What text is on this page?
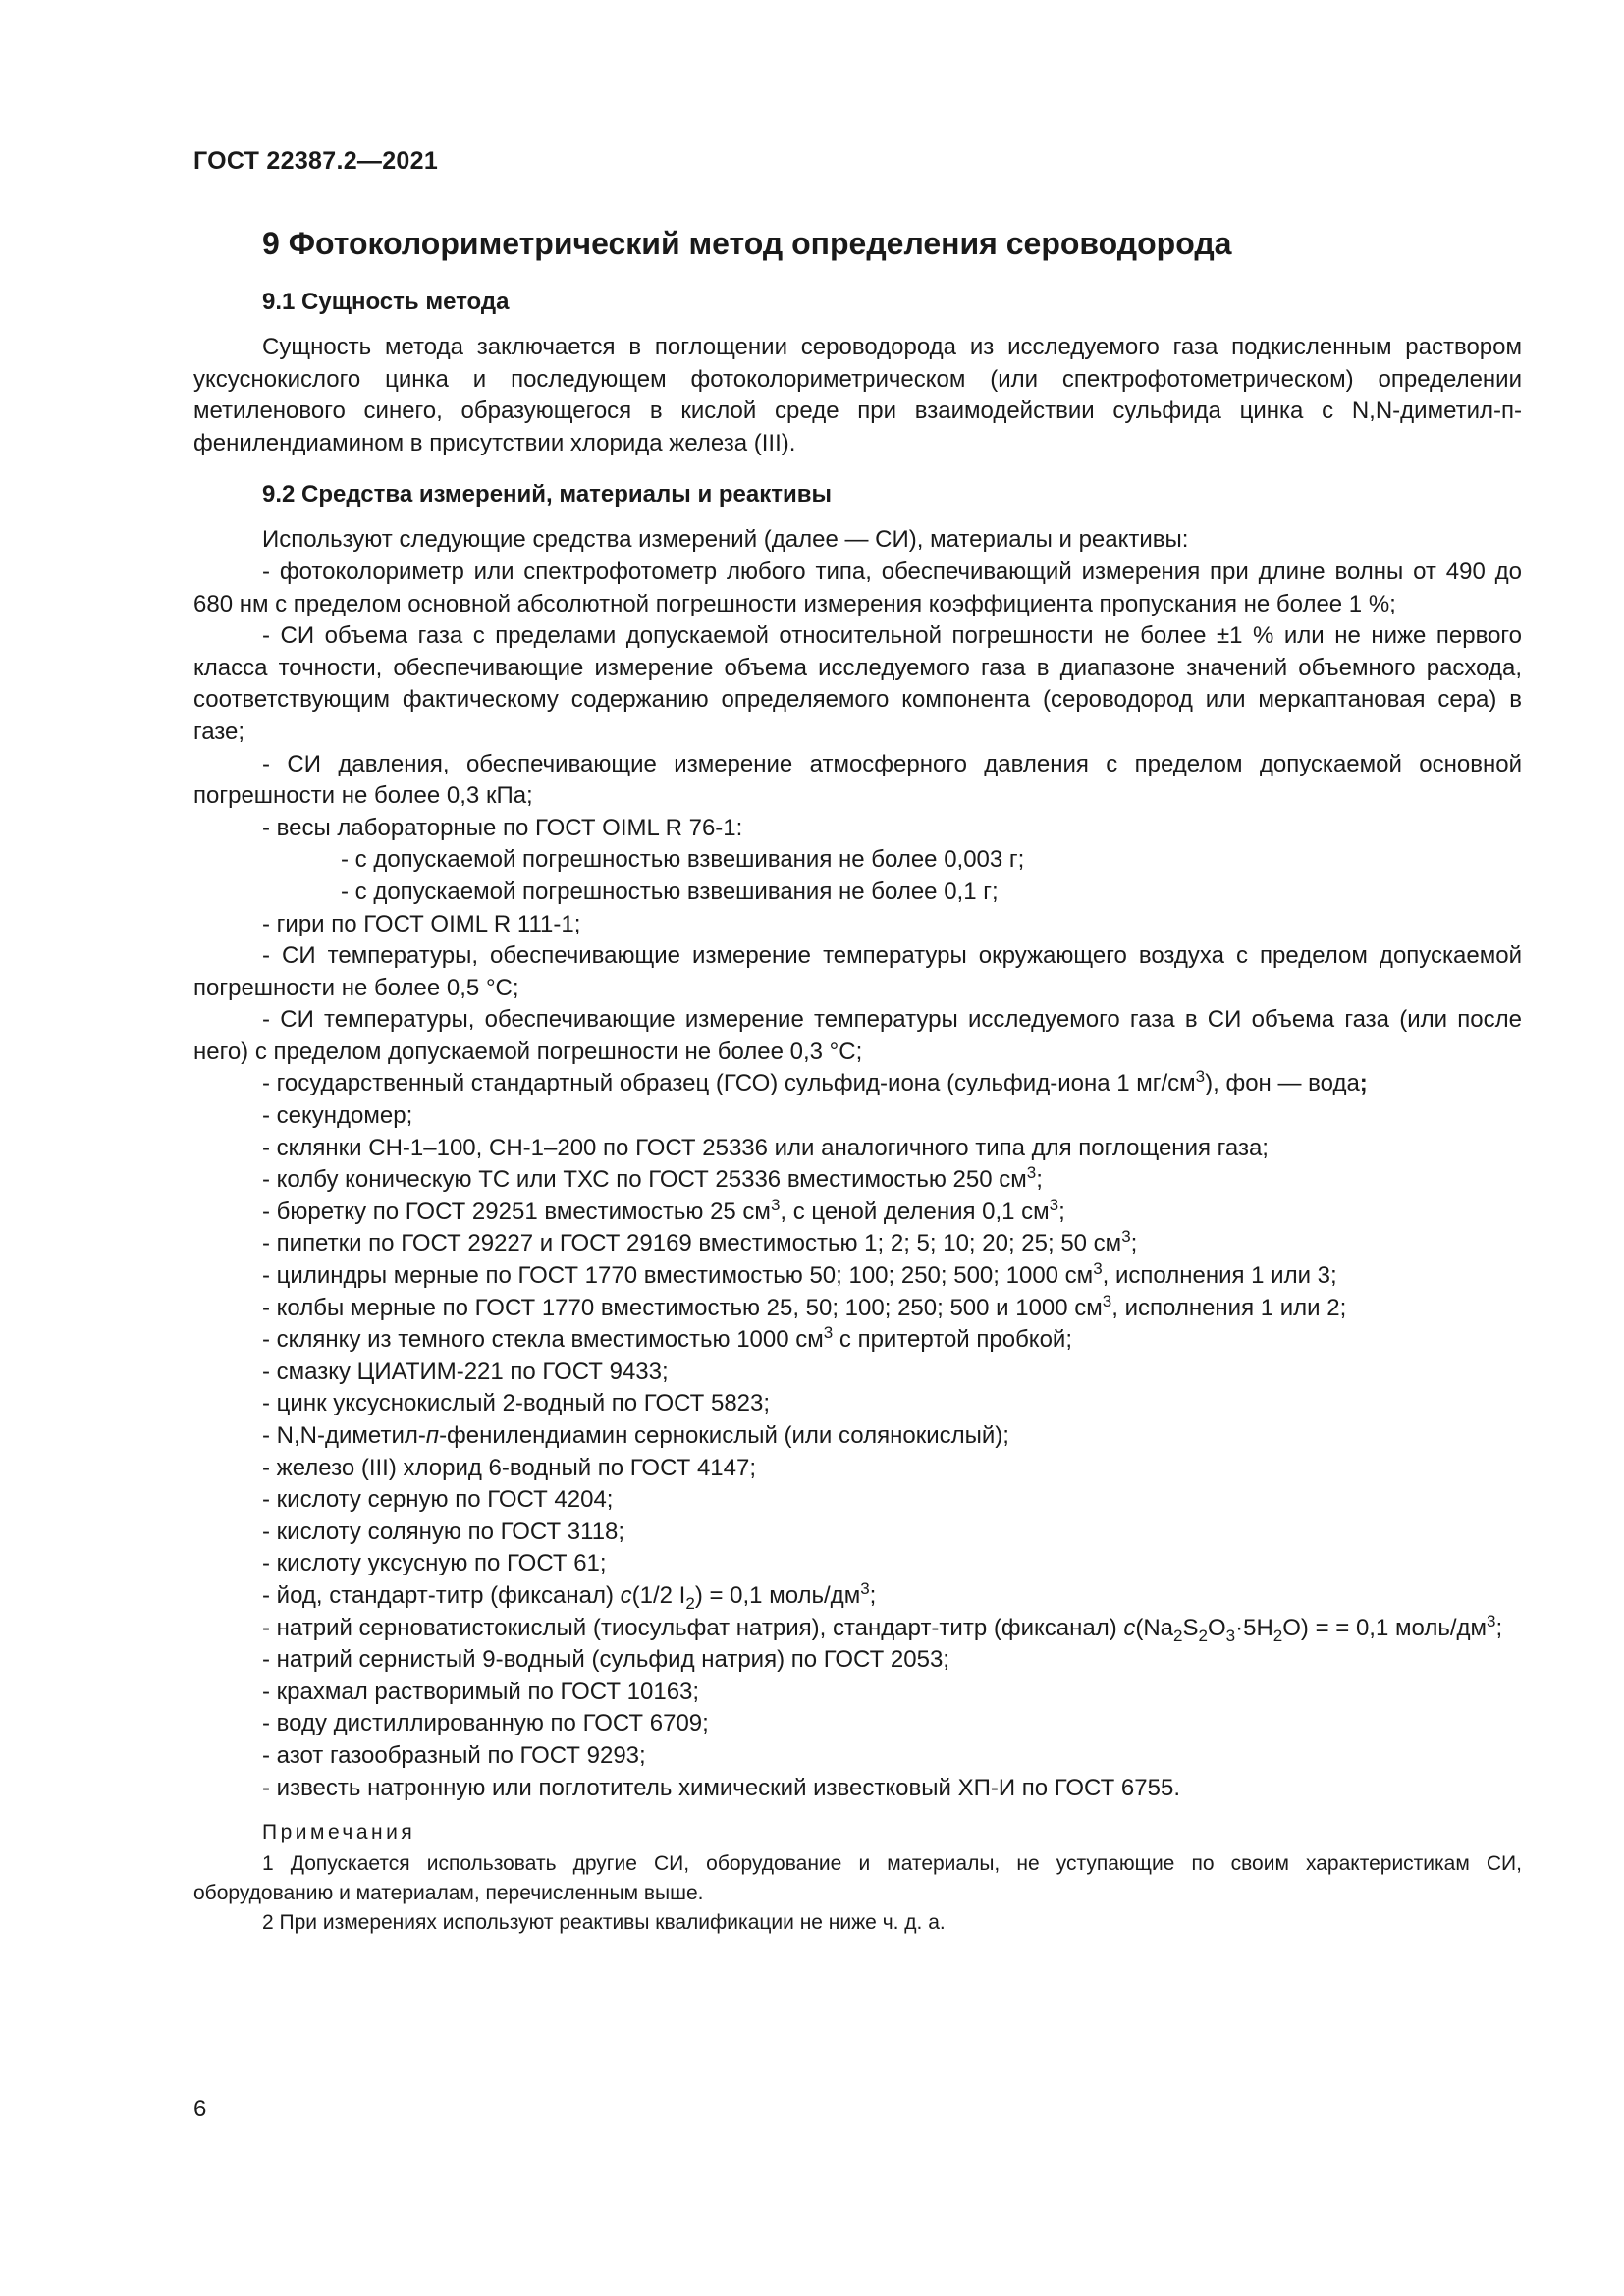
ГОСТ 22387.2—2021
9 Фотоколориметрический метод определения сероводорода
9.1 Сущность метода

Сущность метода заключается в поглощении сероводорода из исследуемого газа подкисленным раствором уксуснокислого цинка и последующем фотоколориметрическом (или спектрофотометрическом) определении метиленового синего, образующегося в кислой среде при взаимодействии сульфида цинка с N,N-диметил-п-фенилендиамином в присутствии хлорида железа (III).

9.2 Средства измерений, материалы и реактивы

Используют следующие средства измерений (далее — СИ), материалы и реактивы:

- фотоколориметр или спектрофотометр любого типа, обеспечивающий измерения при длине волны от 490 до 680 нм с пределом основной абсолютной погрешности измерения коэффициента пропускания не более 1 %;

- СИ объема газа с пределами допускаемой относительной погрешности не более ±1 % или не ниже первого класса точности, обеспечивающие измерение объема исследуемого газа в диапазоне значений объемного расхода, соответствующим фактическому содержанию определяемого компонента (сероводород или меркаптановая сера) в газе;

- СИ давления, обеспечивающие измерение атмосферного давления с пределом допускаемой основной погрешности не более 0,3 кПа;

- весы лабораторные по ГОСТ OIML R 76-1:

- с допускаемой погрешностью взвешивания не более 0,003 г;

- с допускаемой погрешностью взвешивания не более 0,1 г;

- гири по ГОСТ OIML R 111-1;

- СИ температуры, обеспечивающие измерение температуры окружающего воздуха с пределом допускаемой погрешности не более 0,5 °С;

- СИ температуры, обеспечивающие измерение температуры исследуемого газа в СИ объема газа (или после него) с пределом допускаемой погрешности не более 0,3 °С;

- государственный стандартный образец (ГСО) сульфид-иона (сульфид-иона 1 $мг/см^3$), фон — вода;

- секундомер;

- склянки СН-1–100, СН-1–200 по ГОСТ 25336 или аналогичного типа для поглощения газа;

- колбу коническую ТС или ТХС по ГОСТ 25336 вместимостью 250 $см^3$;

- бюретку по ГОСТ 29251 вместимостью 25 $см^3$, с ценой деления 0,1 $см^3$;

- пипетки по ГОСТ 29227 и ГОСТ 29169 вместимостью 1; 2; 5; 10; 20; 25; 50 $см^3$;

- цилиндры мерные по ГОСТ 1770 вместимостью 50; 100; 250; 500; 1000 $см^3$, исполнения 1 или 3;

- колбы мерные по ГОСТ 1770 вместимостью 25, 50; 100; 250; 500 и 1000 $см^3$, исполнения 1 или 2;

- склянку из темного стекла вместимостью 1000 $см^3$ с притертой пробкой;

- смазку ЦИАТИМ-221 по ГОСТ 9433;

- цинк уксуснокислый 2-водный по ГОСТ 5823;

- N,N-диметил-п-фенилендиамин сернокислый (или солянокислый);

- железо (III) хлорид 6-водный по ГОСТ 4147;

- кислоту серную по ГОСТ 4204;

- кислоту соляную по ГОСТ 3118;

- кислоту уксусную по ГОСТ 61;

- йод, стандарт-титр (фиксанал) с(1/2 $I_2) = 0,1$ моль/$дм^3$;

- натрий серноватистокислый (тиосульфат натрия), стандарт-титр (фиксанал) $с(Na_2S_2O_3\cdot 5H_2O)$ = = 0,1 моль/$дм^3$;

- натрий сернистый 9-водный (сульфид натрия) по ГОСТ 2053;

- крахмал растворимый по ГОСТ 10163;

- воду дистиллированную по ГОСТ 6709;

- азот газообразный по ГОСТ 9293;

- известь натронную или поглотитель химический известковый ХП-И по ГОСТ 6755.

Примечания

1 Допускается использовать другие СИ, оборудование и материалы, не уступающие по своим характеристикам СИ, оборудованию и материалам, перечисленным выше.

2 При измерениях используют реактивы квалификации не ниже ч. д. а.

6
